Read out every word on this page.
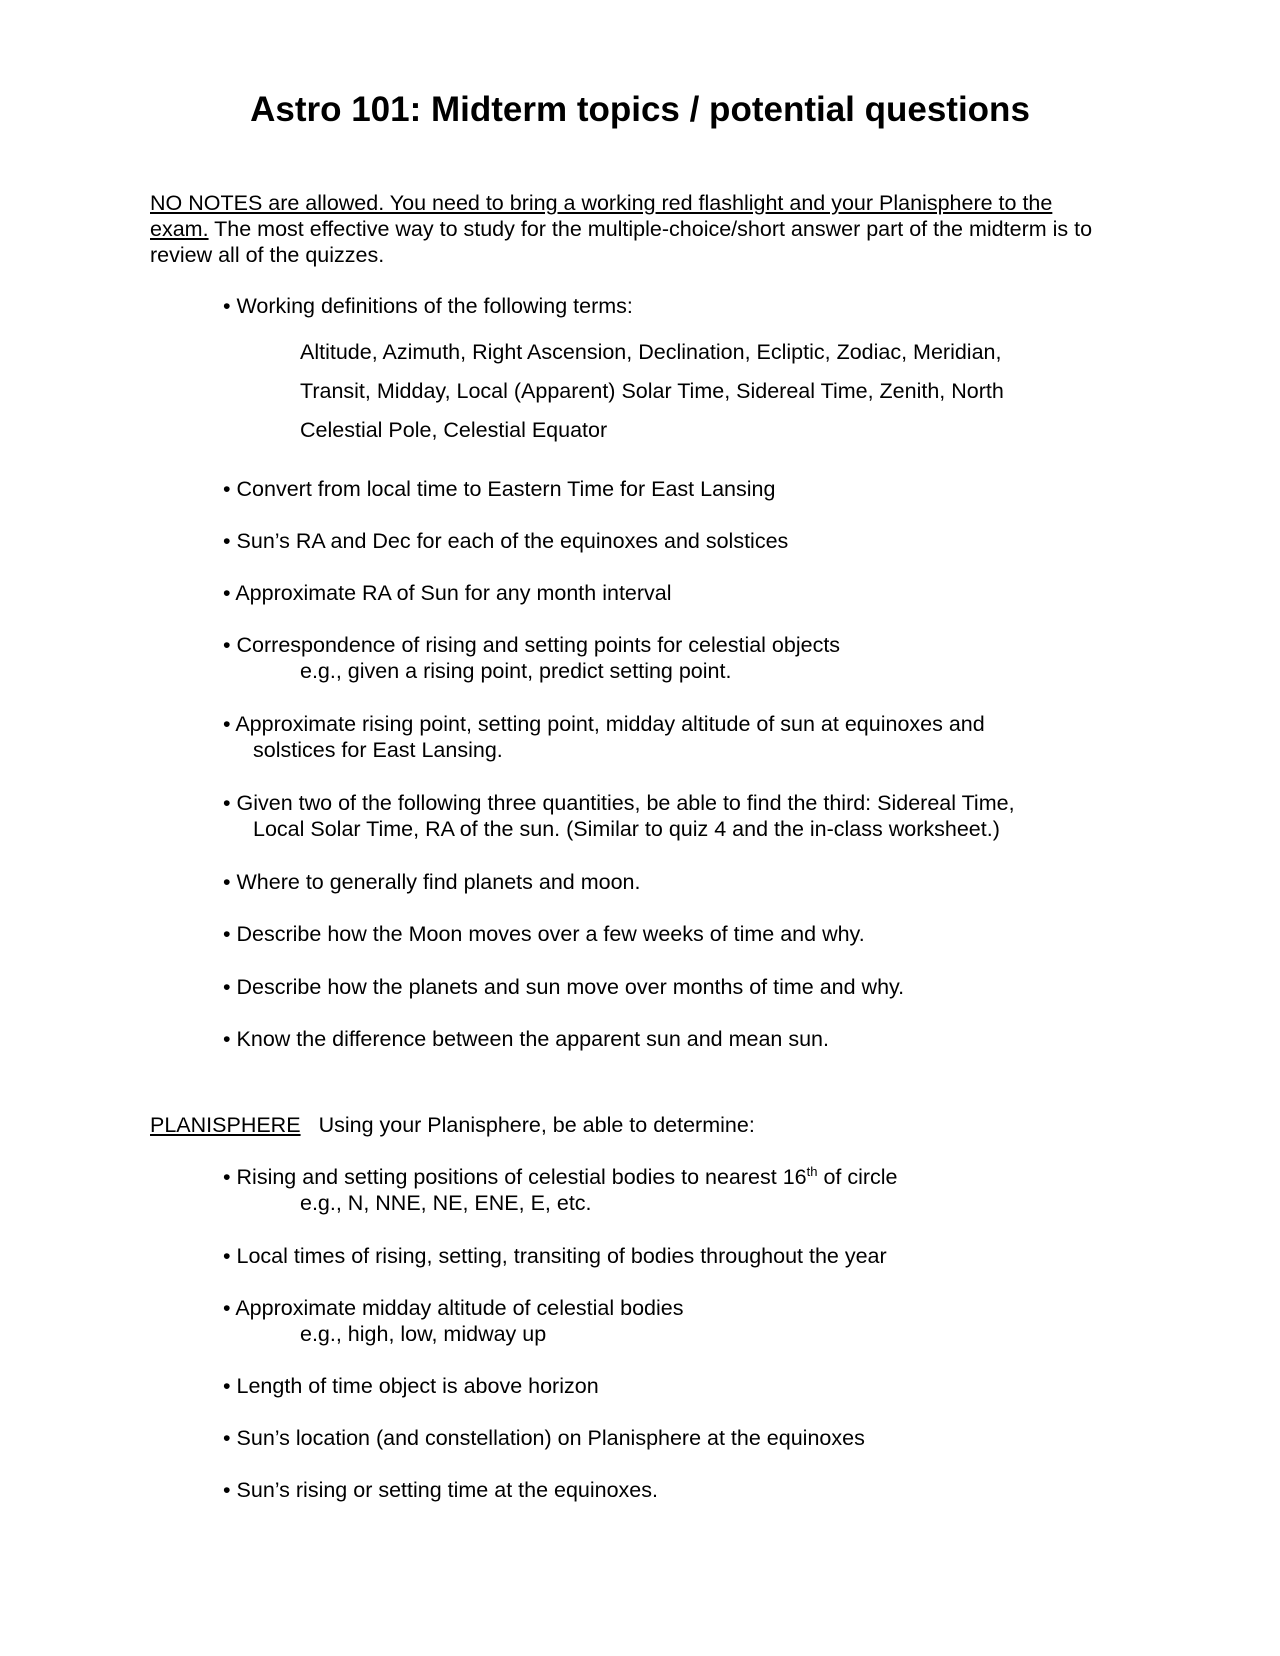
Astro 101: Midterm topics / potential questions

NO NOTES are allowed. You need to bring a working red flashlight and your Planisphere to the exam. The most effective way to study for the multiple-choice/short answer part of the midterm is to review all of the quizzes.

• Working definitions of the following terms:

Altitude, Azimuth, Right Ascension, Declination, Ecliptic, Zodiac, Meridian,
Transit, Midday, Local (Apparent) Solar Time, Sidereal Time, Zenith, North
Celestial Pole, Celestial Equator

• Convert from local time to Eastern Time for East Lansing

• Sun’s RA and Dec for each of the equinoxes and solstices

• Approximate RA of Sun for any month interval

• Correspondence of rising and setting points for celestial objects
e.g., given a rising point, predict setting point.

• Approximate rising point, setting point, midday altitude of sun at equinoxes and
solstices for East Lansing.

• Given two of the following three quantities, be able to find the third: Sidereal Time,
Local Solar Time, RA of the sun. (Similar to quiz 4 and the in-class worksheet.)

• Where to generally find planets and moon.

• Describe how the Moon moves over a few weeks of time and why.

• Describe how the planets and sun move over months of time and why.

• Know the difference between the apparent sun and mean sun.

PLANISPHERE Using your Planisphere, be able to determine:

• Rising and setting positions of celestial bodies to nearest 16th of circle
e.g., N, NNE, NE, ENE, E, etc.

• Local times of rising, setting, transiting of bodies throughout the year

• Approximate midday altitude of celestial bodies
e.g., high, low, midway up

• Length of time object is above horizon

• Sun’s location (and constellation) on Planisphere at the equinoxes

• Sun’s rising or setting time at the equinoxes.
